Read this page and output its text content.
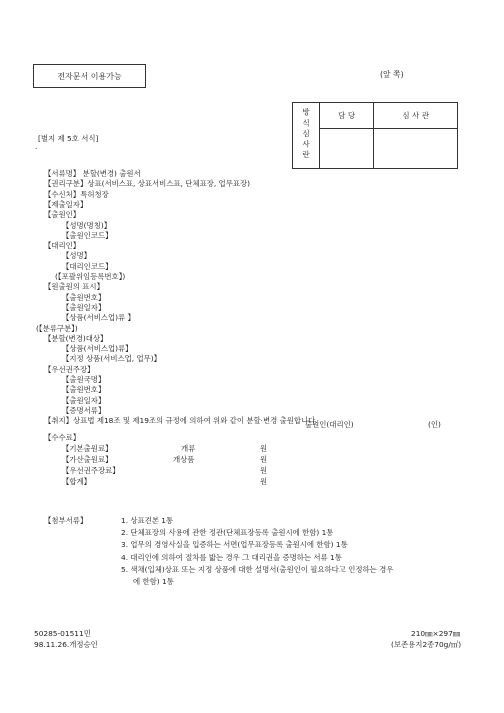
전자문서 이용가능	(앞 쪽)
방식심사란	담 당	심 사 관

[별지 제 5호 서식]
·
【서류명】 분할(변경) 출원서
【권리구분】상표(서비스표, 상표서비스표, 단체표장, 업무표장)
【수신처】특허청장
【제출일자】
【출원인】
【성명(명칭)】
【출원인코드】
【대리인】
【성명】
【대리인코드】
(【포괄위임등록번호】)
【원출원의 표시】
【출원번호】
【출원일자】
【상품(서비스업)류 】
(【분류구분】)
【분할(변경)대상】
【상품(서비스업)류】
【지정 상품(서비스업, 업무)】
【우선권주장】
【출원국명】
【출원번호】
【출원일자】
【증명서류】
【취지】상표법 제18조 및 제19조의 규정에 의하여 위와 같이 분할·변경 출원합니다.
출원인(대리인)	(인)
【수수료】
【기본출원료】	개류	원
【가산출원료】	개상품	원
【우선권주장료】	원
【합계】	원
【첨부서류】	1. 상표견본 1통
2. 단체표장의 사용에 관한 정관(단체표장등록 출원시에 한함) 1통
3. 업무의 경영사실을 입증하는 서면(업무표장등록 출원시에 한함) 1통
4. 대리인에 의하여 절차를 밟는 경우 그 대리권을 증명하는 서류 1통
5. 색채(입체)상표 또는 지정 상품에 대한 설명서(출원인이 필요하다고 인정하는 경우
에 한함) 1통
50285-01511민
98.11.26.개정승인
210㎜×297㎜
(보존용지2종70g/㎡)
